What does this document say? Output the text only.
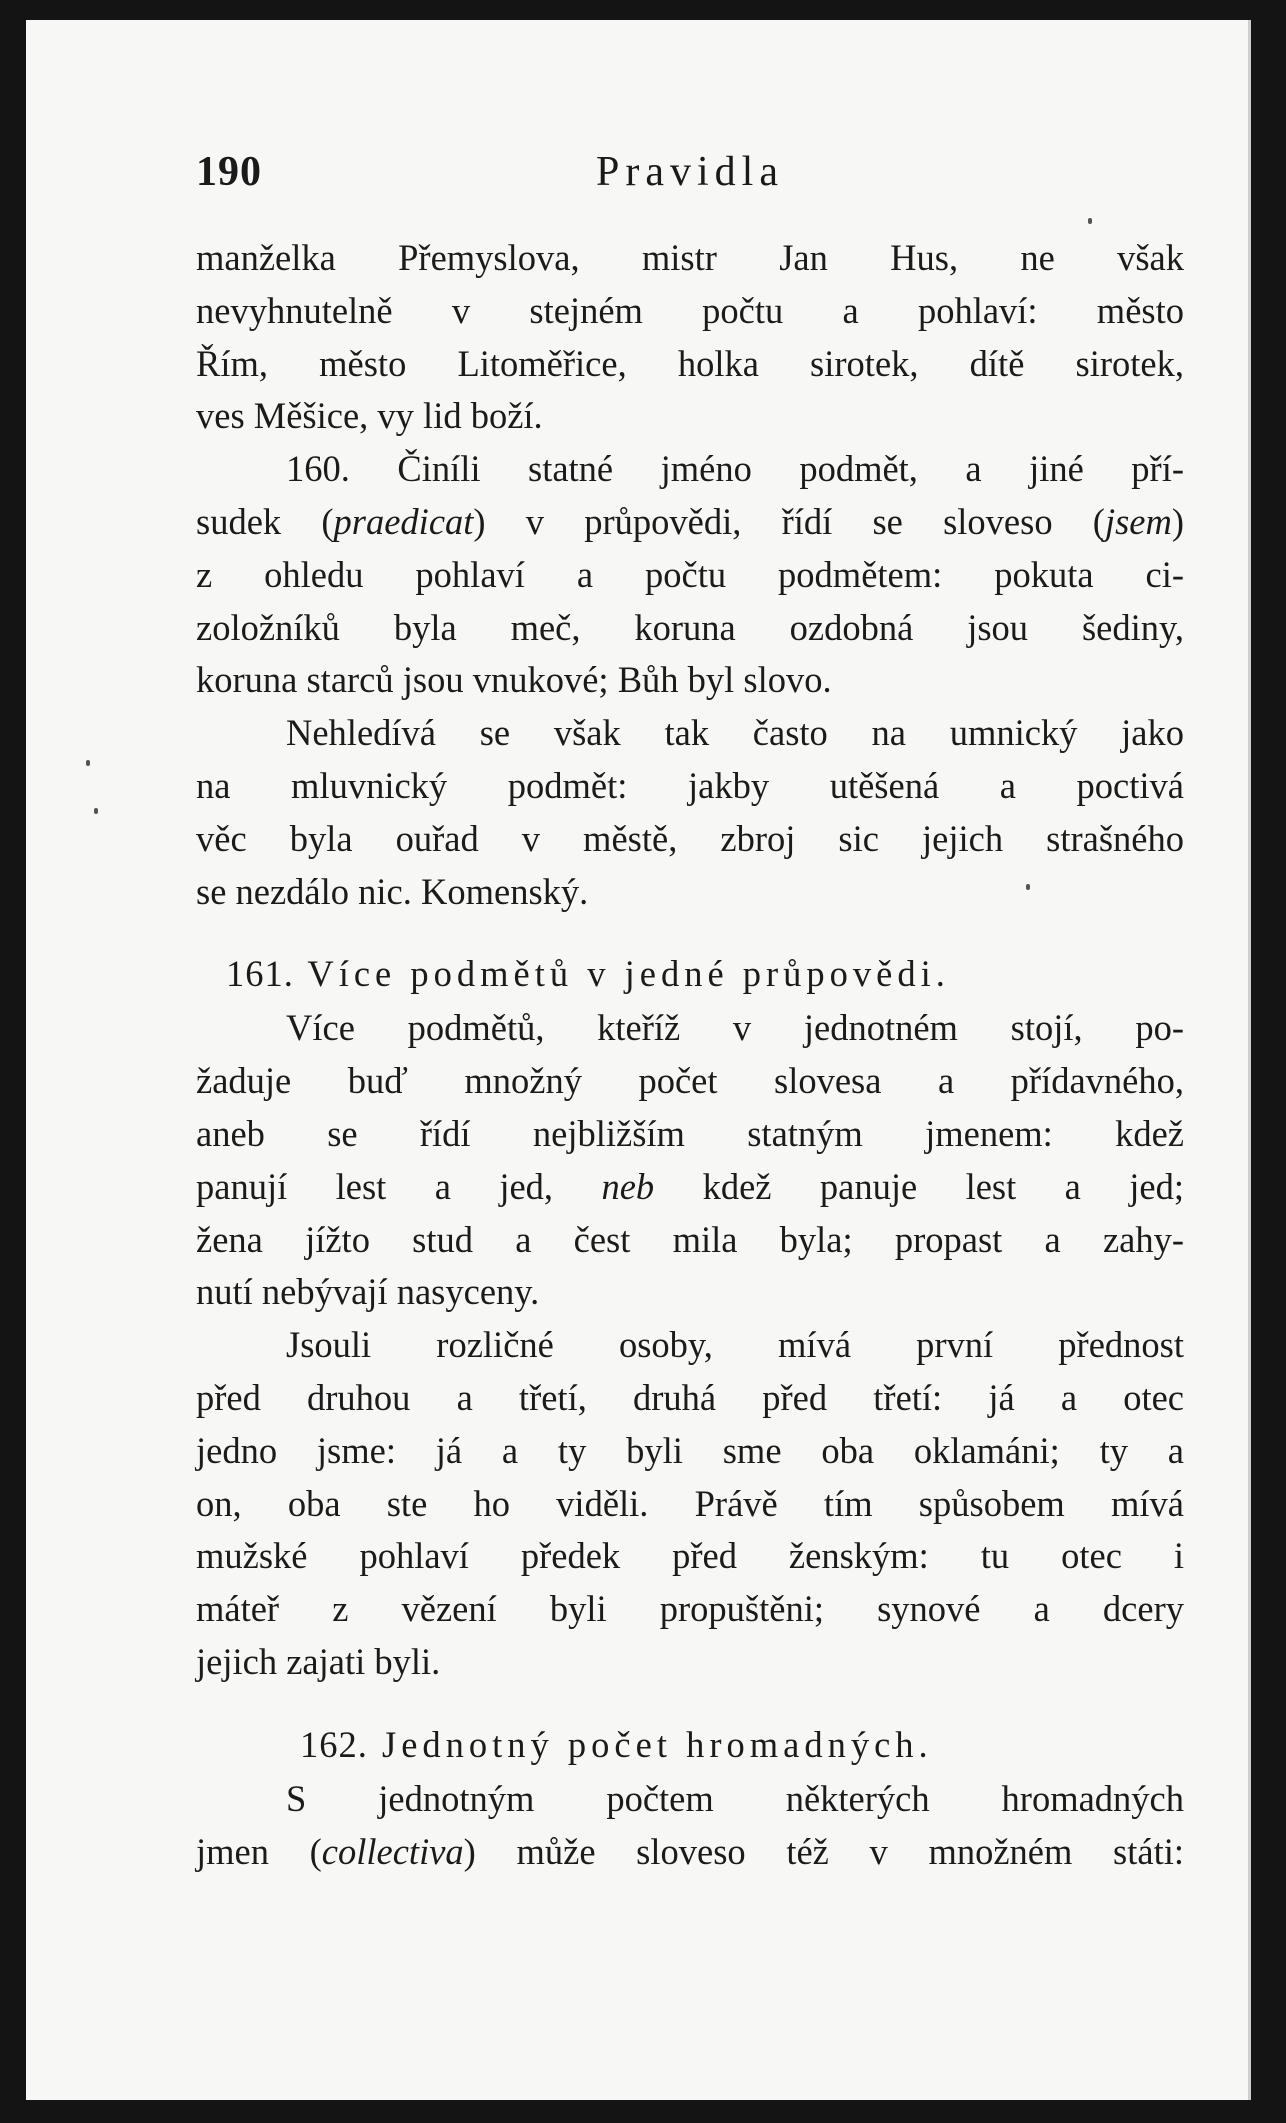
190	Pravidla
manželka Přemyslova, mistr Jan Hus, ne však
nevyhnutelně v stejném počtu a pohlaví: město
Řím, město Litoměřice, holka sirotek, dítě sirotek,
ves Měšice, vy lid boží.
160. Činíli statné jméno podmět, a jiné pří-
sudek (praedicat) v průpovědi, řídí se sloveso (jsem)
z ohledu pohlaví a počtu podmětem: pokuta ci-
zoložníků byla meč, koruna ozdobná jsou šediny,
koruna starců jsou vnukové; Bůh byl slovo.
Nehledívá se však tak často na umnický jako
na mluvnický podmět: jakby utěšená a poctivá
věc byla ouřad v městě, zbroj sic jejich strašného
se nezdálo nic. Komenský.
161. Více podmětů v jedné průpovědi.
Více podmětů, kteříž v jednotném stojí, po-
žaduje buď množný počet slovesa a přídavného,
aneb se řídí nejbližším statným jmenem: kdež
panují lest a jed, neb kdež panuje lest a jed;
žena jížto stud a čest mila byla; propast a zahy-
nutí nebývají nasyceny.
Jsouli rozličné osoby, mívá první přednost
před druhou a třetí, druhá před třetí: já a otec
jedno jsme: já a ty byli sme oba oklamáni; ty a
on, oba ste ho viděli. Právě tím spůsobem mívá
mužské pohlaví předek před ženským: tu otec i
máteř z vězení byli propuštěni; synové a dcery
jejich zajati byli.
162. Jednotný počet hromadných.
S jednotným počtem některých hromadných
jmen (collectiva) může sloveso též v množném státi:
